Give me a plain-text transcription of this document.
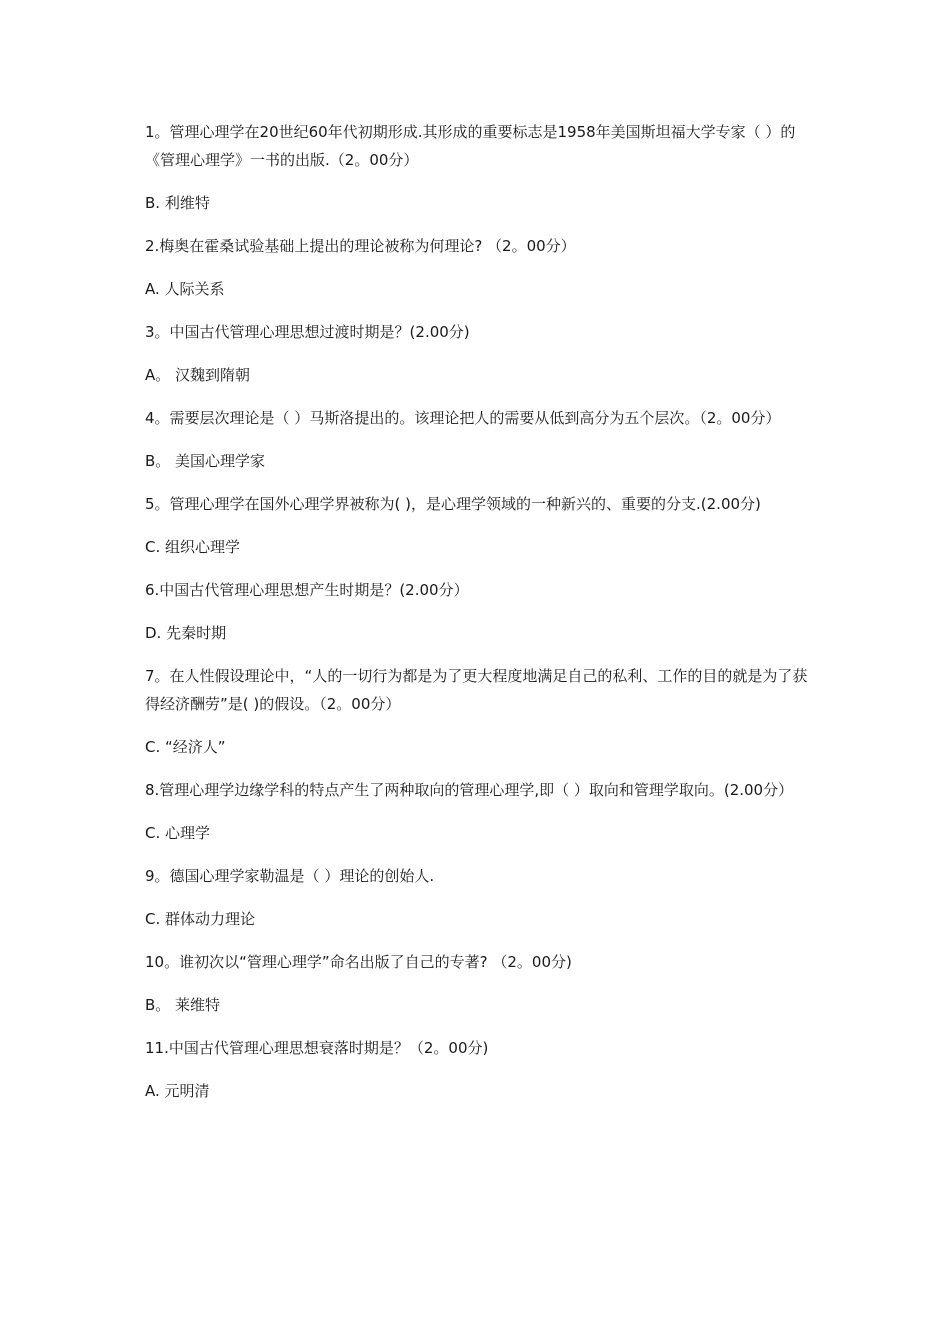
1。管理心理学在20世纪60年代初期形成.其形成的重要标志是1958年美国斯坦福大学专家（ ）的《管理心理学》一书的出版.（2。00分）

B. 利维特

2.梅奥在霍桑试验基础上提出的理论被称为何理论? （2。00分）

A. 人际关系

3。中国古代管理心理思想过渡时期是？(2.00分)

A。 汉魏到隋朝

4。需要层次理论是（ ）马斯洛提出的。该理论把人的需要从低到高分为五个层次。（2。00分）

B。 美国心理学家

5。管理心理学在国外心理学界被称为( )，是心理学领域的一种新兴的、重要的分支.(2.00分)

C. 组织心理学

6.中国古代管理心理思想产生时期是？(2.00分）

D. 先秦时期

7。在人性假设理论中，“人的一切行为都是为了更大程度地满足自己的私利、工作的目的就是为了获得经济酬劳”是( )的假设。（2。00分）

C. “经济人”

8.管理心理学边缘学科的特点产生了两种取向的管理心理学,即（ ）取向和管理学取向。(2.00分）

C. 心理学

9。德国心理学家勒温是（ ）理论的创始人.

C. 群体动力理论

10。谁初次以“管理心理学”命名出版了自己的专著? （2。00分)

B。 莱维特

11.中国古代管理心理思想衰落时期是？（2。00分)

A. 元明清
